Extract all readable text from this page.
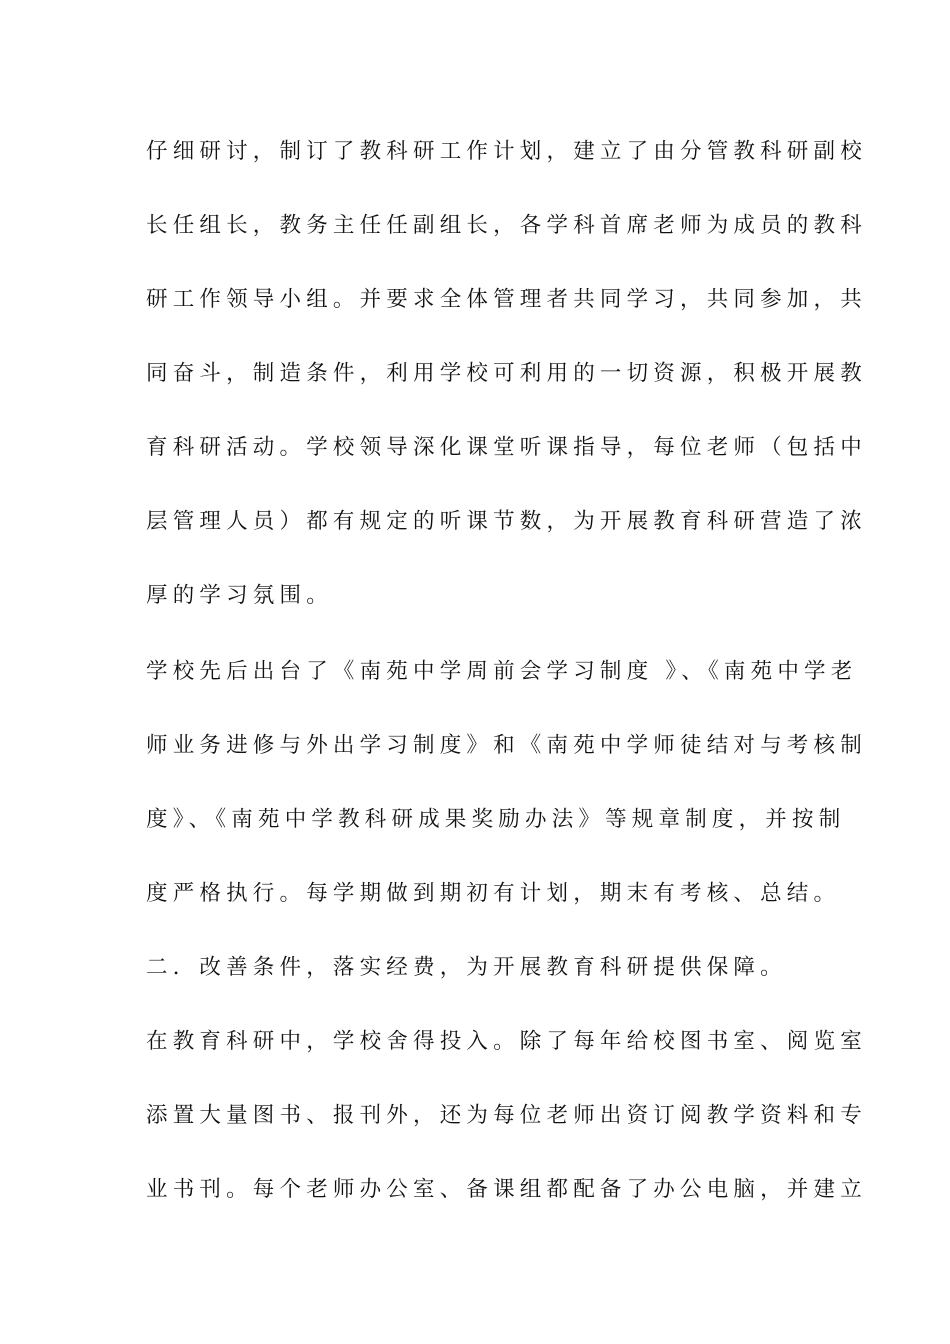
仔细研讨，制订了教科研工作计划，建立了由分管教科研副校
长任组长，教务主任任副组长，各学科首席老师为成员的教科
研工作领导小组。并要求全体管理者共同学习，共同参加，共
同奋斗，制造条件，利用学校可利用的一切资源，积极开展教
育科研活动。学校领导深化课堂听课指导，每位老师（包括中
层管理人员）都有规定的听课节数，为开展教育科研营造了浓
厚的学习氛围。
学校先后出台了《南苑中学周前会学习制度 》、《南苑中学老
师业务进修与外出学习制度》和《南苑中学师徒结对与考核制
度》、《南苑中学教科研成果奖励办法》等规章制度，并按制
度严格执行。每学期做到期初有计划，期末有考核、总结。
二．改善条件，落实经费，为开展教育科研提供保障。
在教育科研中，学校舍得投入。除了每年给校图书室、阅览室
添置大量图书、报刊外，还为每位老师出资订阅教学资料和专
业书刊。每个老师办公室、备课组都配备了办公电脑，并建立
